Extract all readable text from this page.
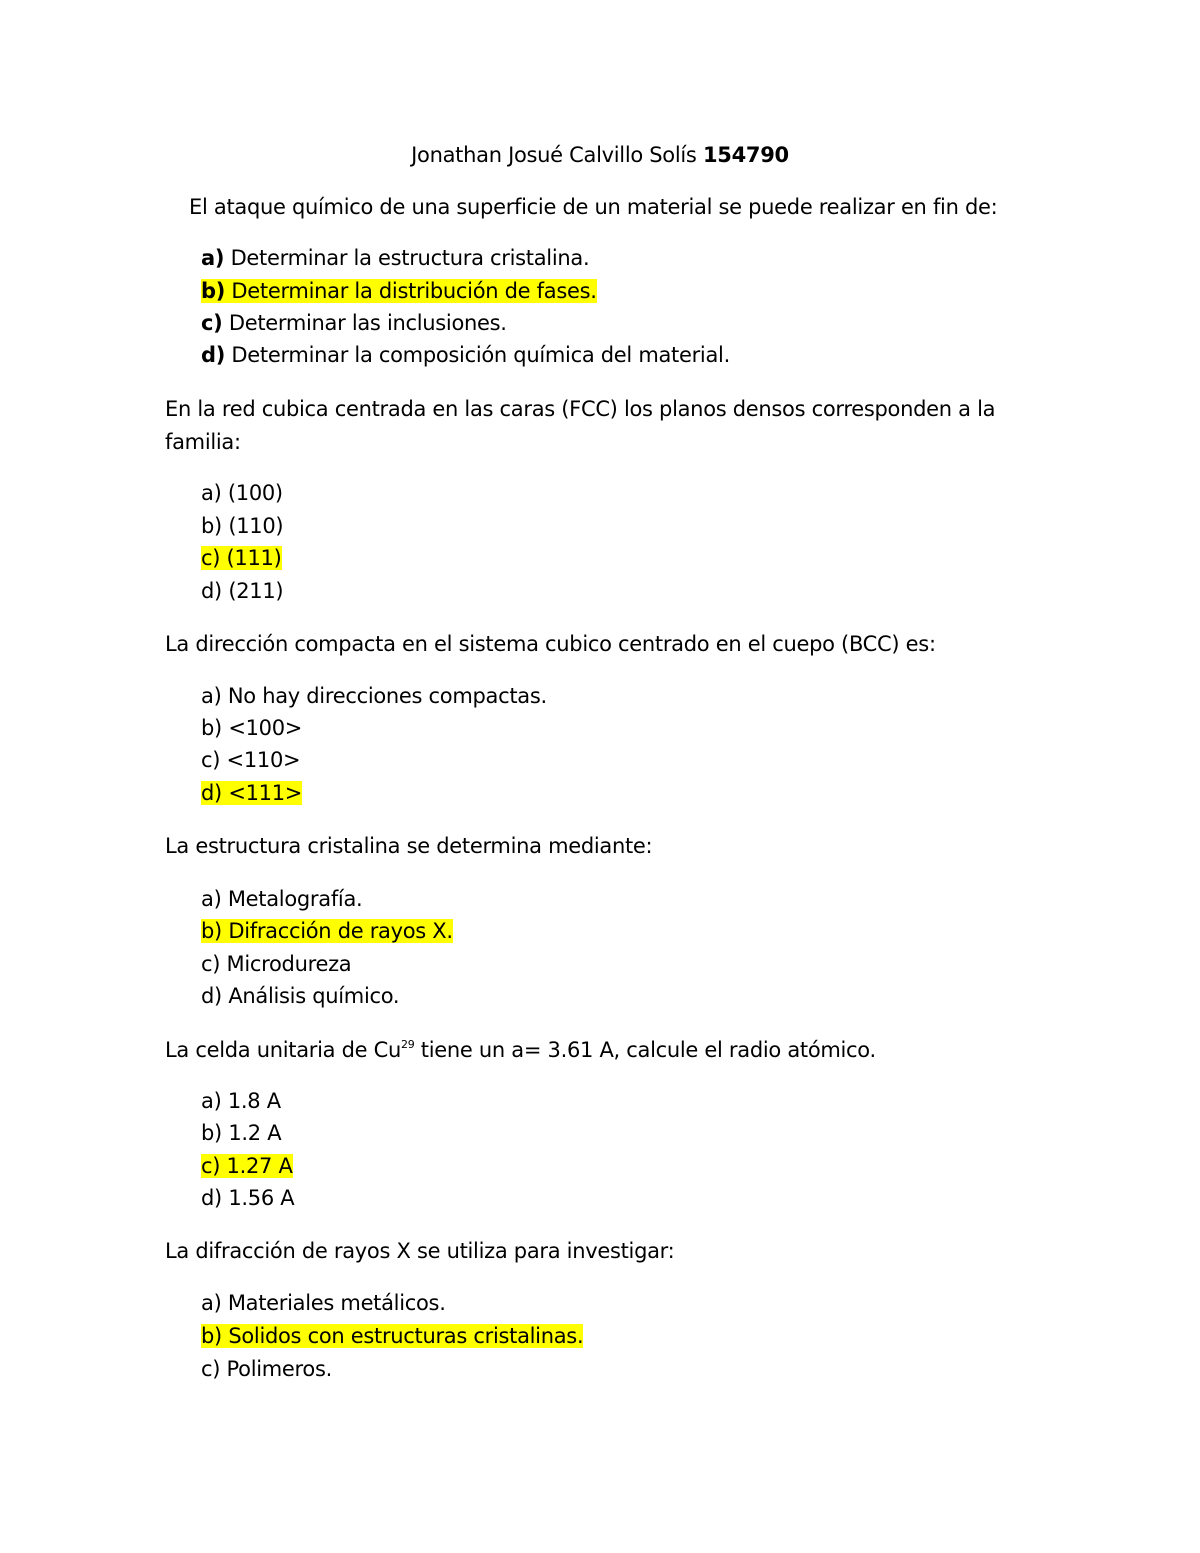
Jonathan Josué Calvillo Solís 154790
El ataque químico de una superficie de un material se puede realizar en fin de:
a) Determinar la estructura cristalina.
b) Determinar la distribución de fases.
c) Determinar las inclusiones.
d) Determinar la composición química del material.
En la red cubica centrada en las caras (FCC) los planos densos corresponden a la
familia:
a) (100)
b) (110)
c) (111)
d) (211)
La dirección compacta en el sistema cubico centrado en el cuepo (BCC) es:
a) No hay direcciones compactas.
b) <100>
c) <110>
d) <111>
La estructura cristalina se determina mediante:
a) Metalografía.
b) Difracción de rayos X.
c) Microdureza
d) Análisis químico.
La celda unitaria de Cu$^{29}$ tiene un a= 3.61 A, calcule el radio atómico.
a) 1.8 A
b) 1.2 A
c) 1.27 A
d) 1.56 A
La difracción de rayos X se utiliza para investigar:
a) Materiales metálicos.
b) Solidos con estructuras cristalinas.
c) Polimeros.
